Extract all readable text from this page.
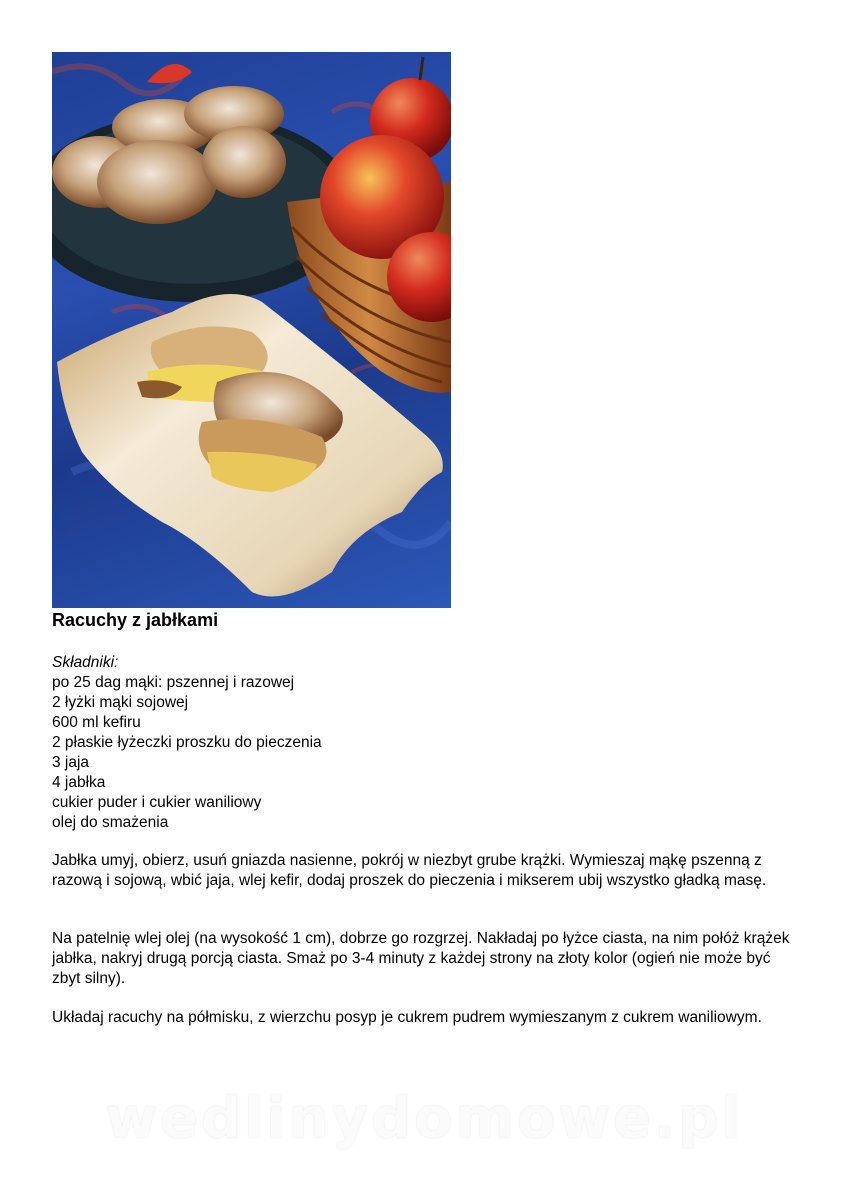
Racuchy z jabłkami
Składniki:
po 25 dag mąki: pszennej i razowej
2 łyżki mąki sojowej
600 ml kefiru
2 płaskie łyżeczki proszku do pieczenia
3 jaja
4 jabłka
cukier puder i cukier waniliowy
olej do smażenia

Jabłka umyj, obierz, usuń gniazda nasienne, pokrój w niezbyt grube krążki. Wymieszaj mąkę pszenną z razową i sojową, wbić jaja, wlej kefir, dodaj proszek do pieczenia i mikserem ubij wszystko gładką masę.

Na patelnię wlej olej (na wysokość 1 cm), dobrze go rozgrzej. Nakładaj po łyżce ciasta, na nim połóż krążek jabłka, nakryj drugą porcją ciasta. Smaż po 3-4 minuty z każdej strony na złoty kolor (ogień nie może być zbyt silny).

Układaj racuchy na półmisku, z wierzchu posyp je cukrem pudrem wymieszanym z cukrem waniliowym.

wedlinydomowe.pl
